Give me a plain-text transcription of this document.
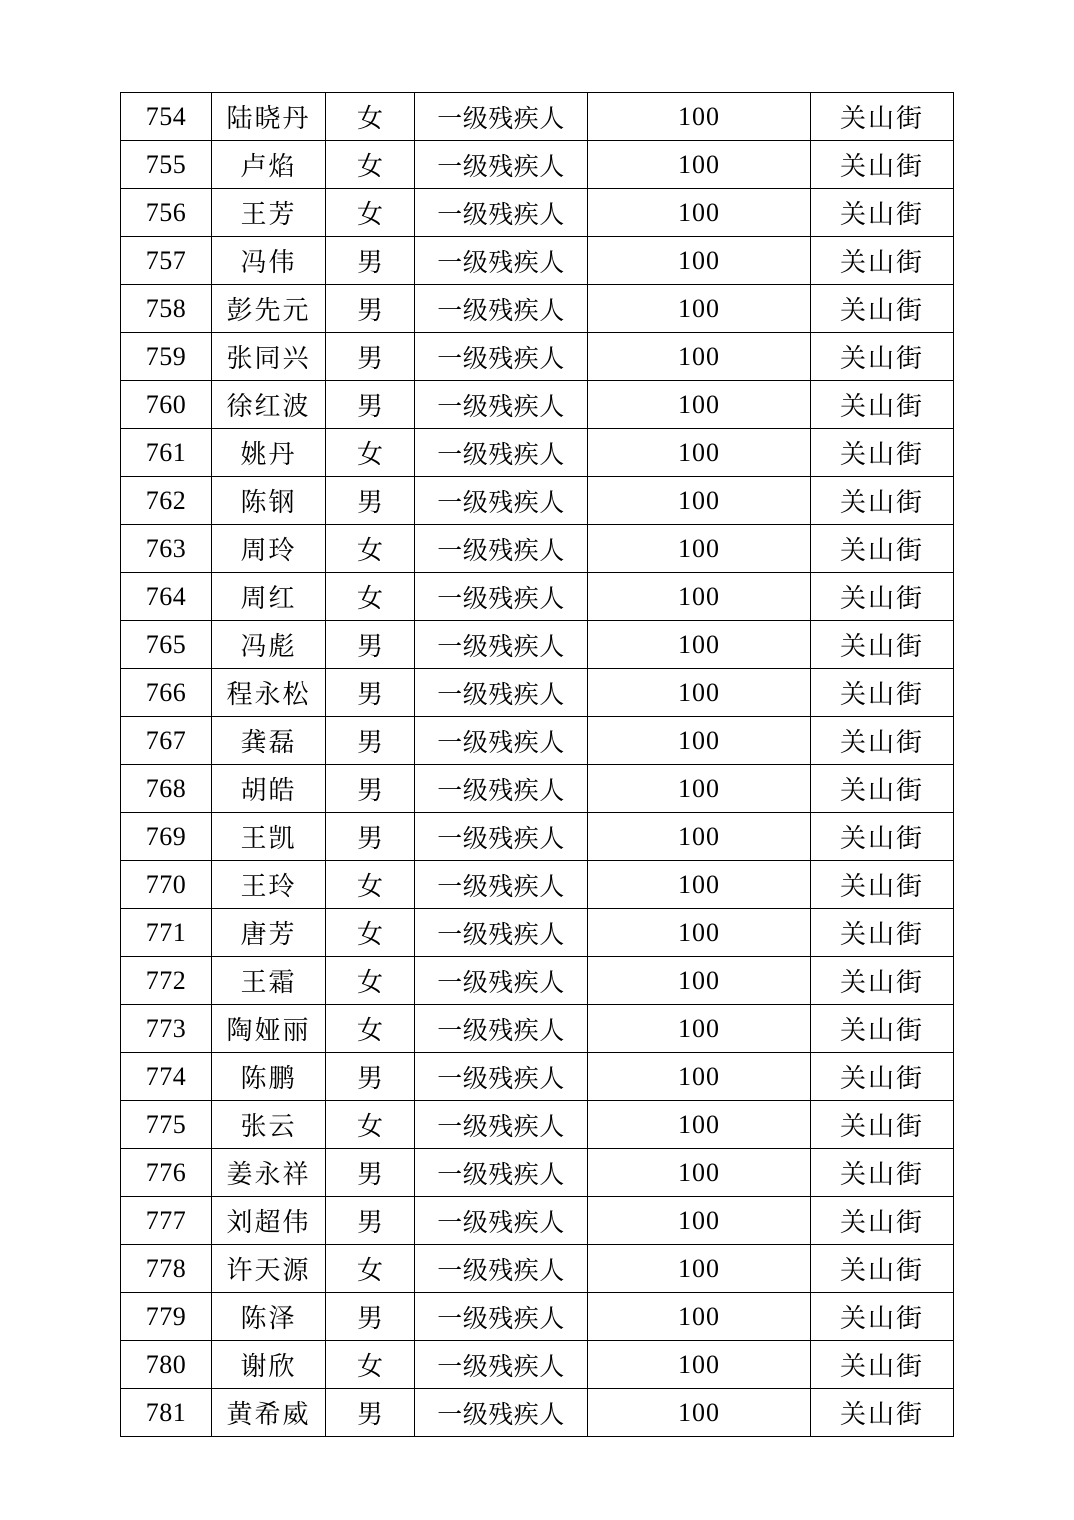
754	陆晓丹	女	一级残疾人	100	关山街
755	卢焰	女	一级残疾人	100	关山街
756	王芳	女	一级残疾人	100	关山街
757	冯伟	男	一级残疾人	100	关山街
758	彭先元	男	一级残疾人	100	关山街
759	张同兴	男	一级残疾人	100	关山街
760	徐红波	男	一级残疾人	100	关山街
761	姚丹	女	一级残疾人	100	关山街
762	陈钢	男	一级残疾人	100	关山街
763	周玲	女	一级残疾人	100	关山街
764	周红	女	一级残疾人	100	关山街
765	冯彪	男	一级残疾人	100	关山街
766	程永松	男	一级残疾人	100	关山街
767	龚磊	男	一级残疾人	100	关山街
768	胡皓	男	一级残疾人	100	关山街
769	王凯	男	一级残疾人	100	关山街
770	王玲	女	一级残疾人	100	关山街
771	唐芳	女	一级残疾人	100	关山街
772	王霜	女	一级残疾人	100	关山街
773	陶娅丽	女	一级残疾人	100	关山街
774	陈鹏	男	一级残疾人	100	关山街
775	张云	女	一级残疾人	100	关山街
776	姜永祥	男	一级残疾人	100	关山街
777	刘超伟	男	一级残疾人	100	关山街
778	许天源	女	一级残疾人	100	关山街
779	陈泽	男	一级残疾人	100	关山街
780	谢欣	女	一级残疾人	100	关山街
781	黄希威	男	一级残疾人	100	关山街
